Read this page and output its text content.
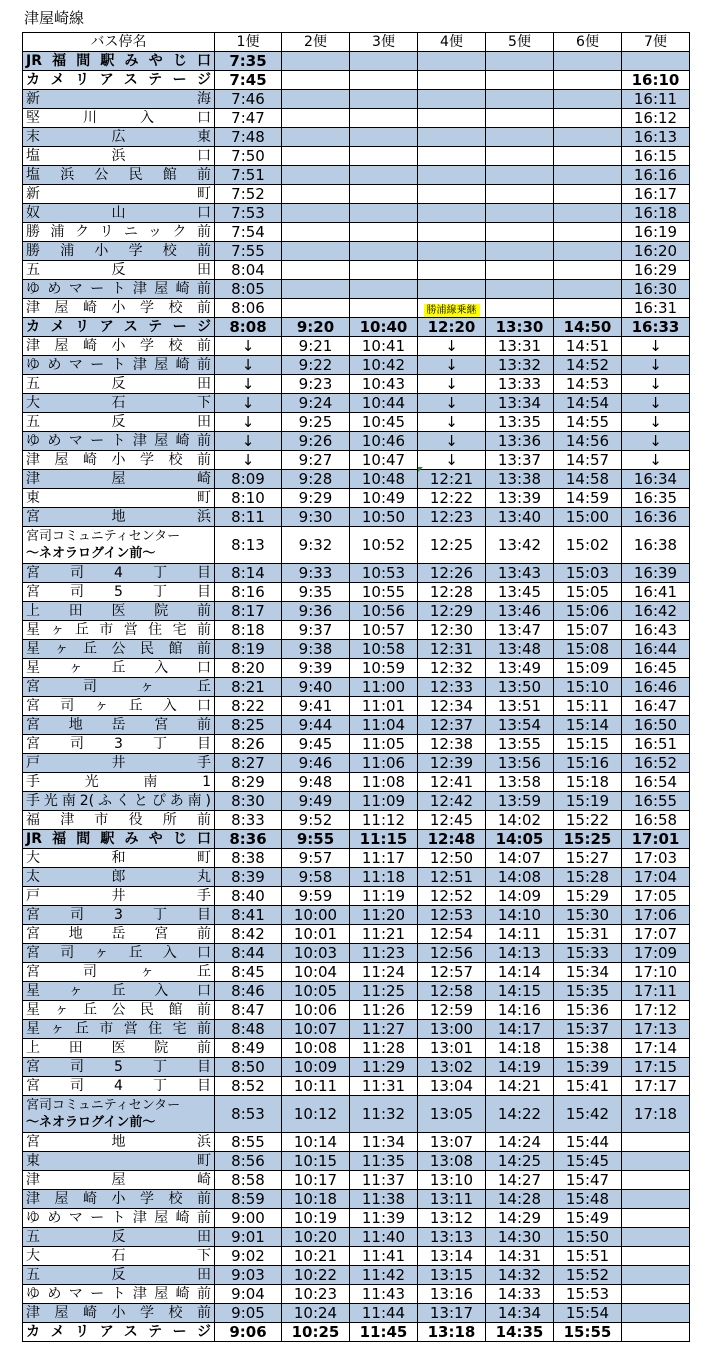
津屋崎線
バス停名	1便	2便	3便	4便	5便	6便	7便
JR福間駅みやじ口	7:35						
カメリアステージ	7:45						16:10
新海	7:46						16:11
堅川入口	7:47						16:12
末広東	7:48						16:13
塩浜口	7:50						16:15
塩浜公民館前	7:51						16:16
新町	7:52						16:17
奴山口	7:53						16:18
勝浦クリニック前	7:54						16:19
勝浦小学校前	7:55						16:20
五反田	8:04						16:29
ゆめマート津屋崎前	8:05						16:30
津屋崎小学校前	8:06			勝浦線乗継			16:31
カメリアステージ	8:08	9:20	10:40	12:20	13:30	14:50	16:33
津屋崎小学校前	↓	9:21	10:41	↓	13:31	14:51	↓
ゆめマート津屋崎前	↓	9:22	10:42	↓	13:32	14:52	↓
五反田	↓	9:23	10:43	↓	13:33	14:53	↓
大石下	↓	9:24	10:44	↓	13:34	14:54	↓
五反田	↓	9:25	10:45	↓	13:35	14:55	↓
ゆめマート津屋崎前	↓	9:26	10:46	↓	13:36	14:56	↓
津屋崎小学校前	↓	9:27	10:47	↓	13:37	14:57	↓
津屋崎	8:09	9:28	10:48	12:21	13:38	14:58	16:34
東町	8:10	9:29	10:49	12:22	13:39	14:59	16:35
宮地浜	8:11	9:30	10:50	12:23	13:40	15:00	16:36

宮司コミュニティセンター
～ネオラログイン前～	8:13	9:32	10:52	12:25	13:42	15:02	16:38
宮司4丁目	8:14	9:33	10:53	12:26	13:43	15:03	16:39
宮司5丁目	8:16	9:35	10:55	12:28	13:45	15:05	16:41
上田医院前	8:17	9:36	10:56	12:29	13:46	15:06	16:42
星ヶ丘市営住宅前	8:18	9:37	10:57	12:30	13:47	15:07	16:43
星ヶ丘公民館前	8:19	9:38	10:58	12:31	13:48	15:08	16:44
星ヶ丘入口	8:20	9:39	10:59	12:32	13:49	15:09	16:45
宮司ヶ丘	8:21	9:40	11:00	12:33	13:50	15:10	16:46
宮司ヶ丘入口	8:22	9:41	11:01	12:34	13:51	15:11	16:47
宮地岳宮前	8:25	9:44	11:04	12:37	13:54	15:14	16:50
宮司3丁目	8:26	9:45	11:05	12:38	13:55	15:15	16:51
戸井手	8:27	9:46	11:06	12:39	13:56	15:16	16:52
手光南1	8:29	9:48	11:08	12:41	13:58	15:18	16:54
手光南2(ふくとぴあ南)	8:30	9:49	11:09	12:42	13:59	15:19	16:55
福津市役所前	8:33	9:52	11:12	12:45	14:02	15:22	16:58
JR福間駅みやじ口	8:36	9:55	11:15	12:48	14:05	15:25	17:01
大和町	8:38	9:57	11:17	12:50	14:07	15:27	17:03
太郎丸	8:39	9:58	11:18	12:51	14:08	15:28	17:04
戸井手	8:40	9:59	11:19	12:52	14:09	15:29	17:05
宮司3丁目	8:41	10:00	11:20	12:53	14:10	15:30	17:06
宮地岳宮前	8:42	10:01	11:21	12:54	14:11	15:31	17:07
宮司ヶ丘入口	8:44	10:03	11:23	12:56	14:13	15:33	17:09
宮司ヶ丘	8:45	10:04	11:24	12:57	14:14	15:34	17:10
星ヶ丘入口	8:46	10:05	11:25	12:58	14:15	15:35	17:11
星ヶ丘公民館前	8:47	10:06	11:26	12:59	14:16	15:36	17:12
星ヶ丘市営住宅前	8:48	10:07	11:27	13:00	14:17	15:37	17:13
上田医院前	8:49	10:08	11:28	13:01	14:18	15:38	17:14
宮司5丁目	8:50	10:09	11:29	13:02	14:19	15:39	17:15
宮司4丁目	8:52	10:11	11:31	13:04	14:21	15:41	17:17

宮司コミュニティセンター
～ネオラログイン前～	8:53	10:12	11:32	13:05	14:22	15:42	17:18
宮地浜	8:55	10:14	11:34	13:07	14:24	15:44	
東町	8:56	10:15	11:35	13:08	14:25	15:45	
津屋崎	8:58	10:17	11:37	13:10	14:27	15:47	
津屋崎小学校前	8:59	10:18	11:38	13:11	14:28	15:48	
ゆめマート津屋崎前	9:00	10:19	11:39	13:12	14:29	15:49	
五反田	9:01	10:20	11:40	13:13	14:30	15:50	
大石下	9:02	10:21	11:41	13:14	14:31	15:51	
五反田	9:03	10:22	11:42	13:15	14:32	15:52	
ゆめマート津屋崎前	9:04	10:23	11:43	13:16	14:33	15:53	
津屋崎小学校前	9:05	10:24	11:44	13:17	14:34	15:54	
カメリアステージ	9:06	10:25	11:45	13:18	14:35	15:55	
